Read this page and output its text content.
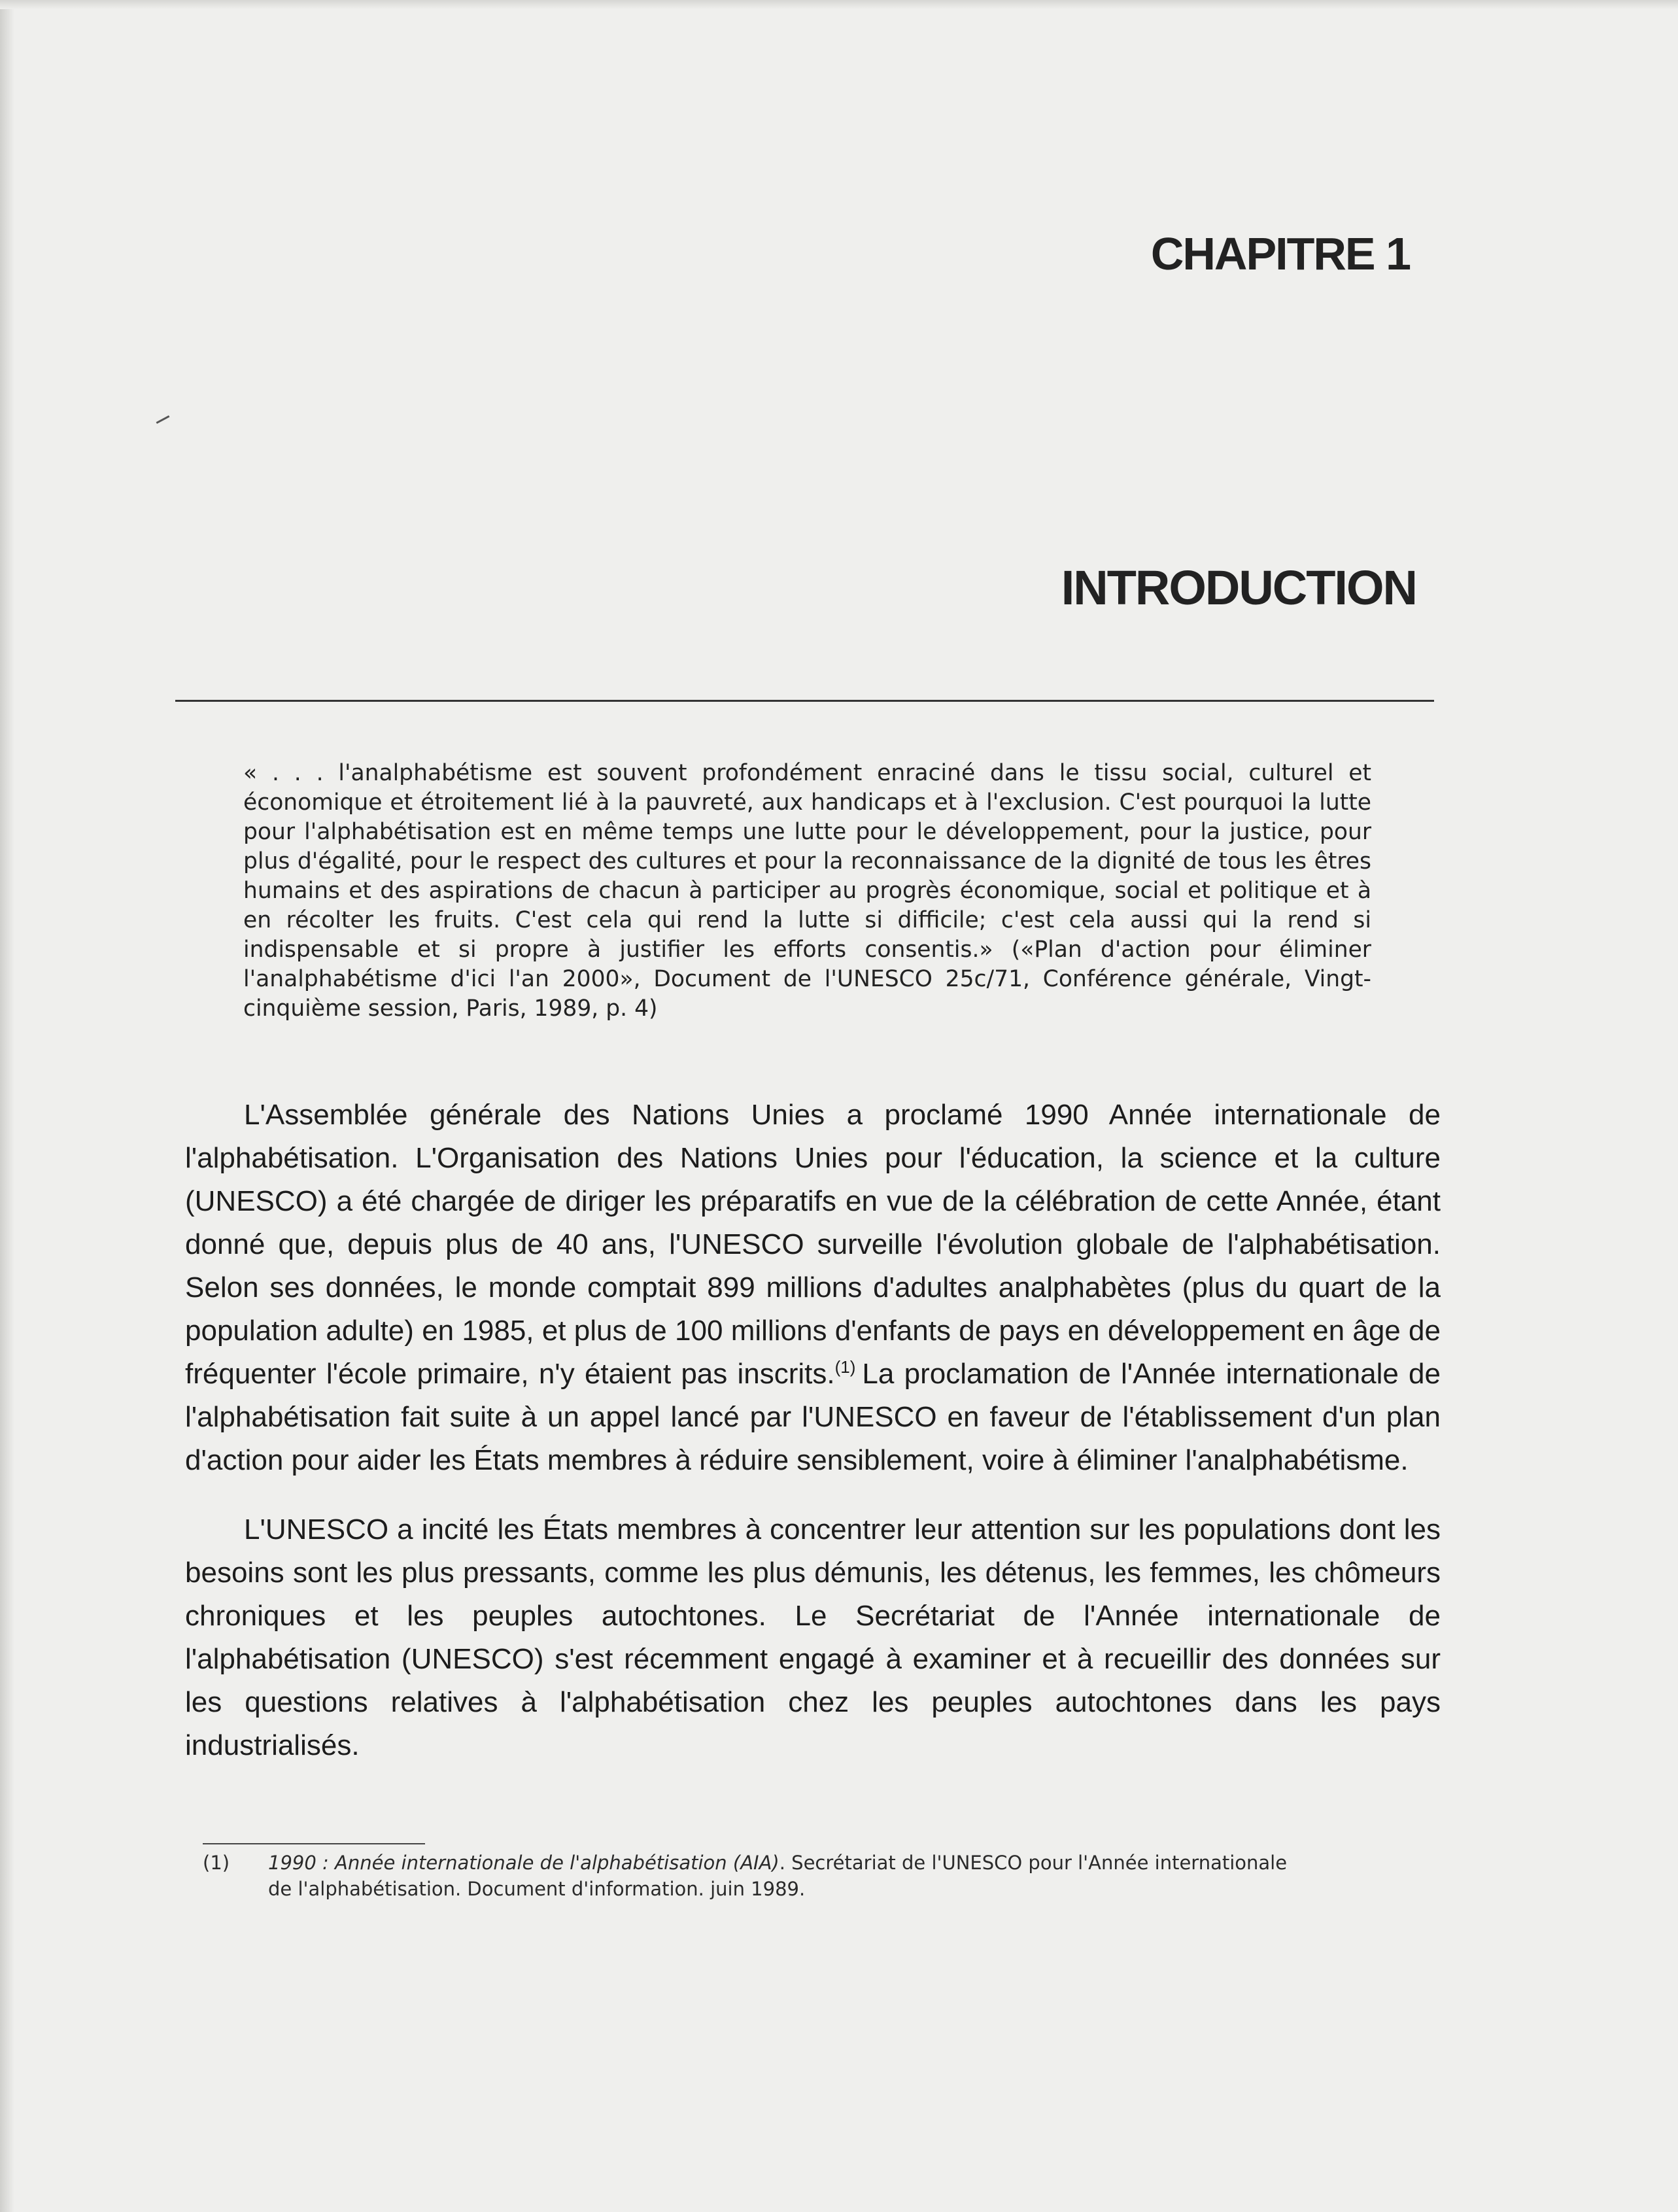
CHAPITRE 1
INTRODUCTION
« . . . l'analphabétisme est souvent profondément enraciné dans le tissu social, culturel et économique et étroitement lié à la pauvreté, aux handicaps et à l'exclusion. C'est pourquoi la lutte pour l'alphabétisation est en même temps une lutte pour le développement, pour la justice, pour plus d'égalité, pour le respect des cultures et pour la reconnaissance de la dignité de tous les êtres humains et des aspirations de chacun à participer au progrès économique, social et politique et à en récolter les fruits. C'est cela qui rend la lutte si difficile; c'est cela aussi qui la rend si indispensable et si propre à justifier les efforts consentis.» («Plan d'action pour éliminer l'analphabétisme d'ici l'an 2000», Document de l'UNESCO 25c/71, Conférence générale, Vingt-cinquième session, Paris, 1989, p. 4)

L'Assemblée générale des Nations Unies a proclamé 1990 Année internationale de l'alphabétisation. L'Organisation des Nations Unies pour l'éducation, la science et la culture (UNESCO) a été chargée de diriger les préparatifs en vue de la célébration de cette Année, étant donné que, depuis plus de 40 ans, l'UNESCO surveille l'évolution globale de l'alphabétisation. Selon ses données, le monde comptait 899 millions d'adultes analphabètes (plus du quart de la population adulte) en 1985, et plus de 100 millions d'enfants de pays en développement en âge de fréquenter l'école primaire, n'y étaient pas inscrits.$^{(1)}$ La proclamation de l'Année internationale de l'alphabétisation fait suite à un appel lancé par l'UNESCO en faveur de l'établissement d'un plan d'action pour aider les États membres à réduire sensiblement, voire à éliminer l'analphabétisme.

L'UNESCO a incité les États membres à concentrer leur attention sur les populations dont les besoins sont les plus pressants, comme les plus démunis, les détenus, les femmes, les chômeurs chroniques et les peuples autochtones. Le Secrétariat de l'Année internationale de l'alphabétisation (UNESCO) s'est récemment engagé à examiner et à recueillir des données sur les questions relatives à l'alphabétisation chez les peuples autochtones dans les pays industrialisés.

(1) 1990 : Année internationale de l'alphabétisation (AIA). Secrétariat de l'UNESCO pour l'Année internationale
de l'alphabétisation. Document d'information. juin 1989.
